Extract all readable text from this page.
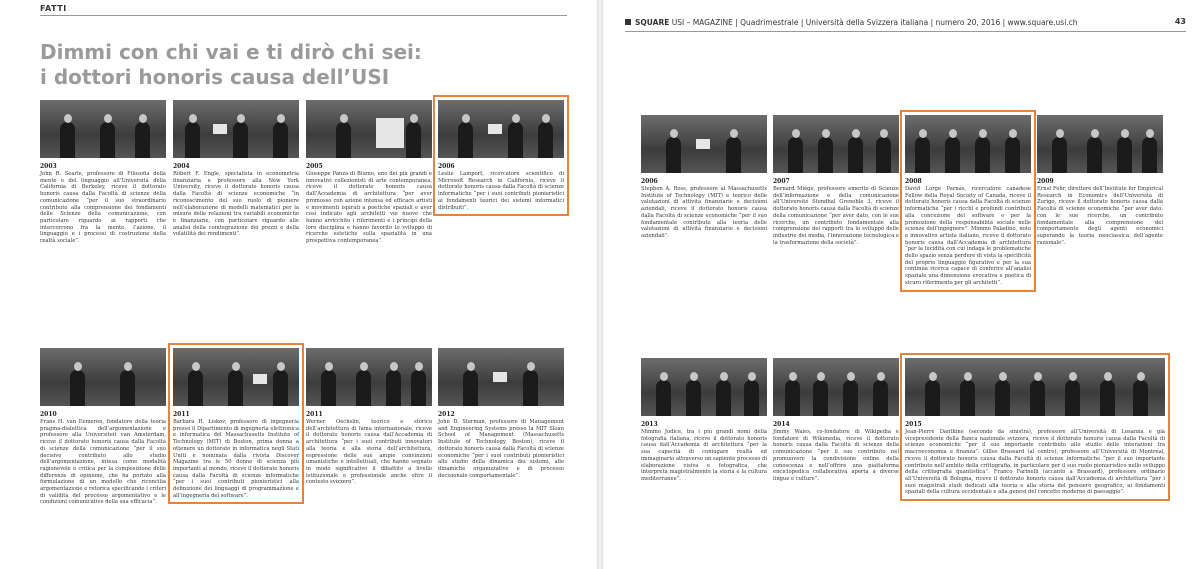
FATTI
Dimmi con chi vai e ti dirò chi sei:
i dottori honoris causa dell’USI
2003
John R. Searle, professore di Filosofia della mente e del linguaggio all’Università della California di Berkeley, riceve il dottorato honoris causa dalla Facoltà di scienze della comunicazione “per il suo straordinario contributo alla comprensione dei fondamenti delle Scienze della comunicazione, con particolare riguardo ai rapporti che intercorrono fra la mente, l’azione, il linguaggio e i processi di costruzione della realtà sociale”.
2004
Robert F. Engle, specialista in econometria finanziaria e professore alla New York University, riceve il dottorato honoris causa dalla Facoltà di scienze economiche “in riconoscimento del suo ruolo di pioniere nell’elaborazione di modelli matematici per la misura delle relazioni tra variabili economiche e finanziarie, con particolare riguardo alle analisi della cointegrazione dei prezzi e della volatilità dei rendimenti”.
2005
Giuseppe Panza di Biumo, uno dei più grandi e innovativi collezionisti di arte contemporanea, riceve il dottorato honoris causa dall’Accademia di architettura “per aver promosso con azione intensa ed efficace artisti e movimenti ispirati a poetiche spaziali e aver così indicato agli architetti vie nuove che hanno arricchito i riferimenti e i principi della loro disciplina e hanno favorito lo sviluppo di ricerche estetiche sulla spazialità in una prospettiva contemporanea”.
2006
Leslie Lamport, ricercatore scientifico di Microsoft Research in California, riceve il dottorato honoris causa dalla Facoltà di scienze informatiche “per i suoi contributi pionieristici ai fondamenti teorici dei sistemi informatici distribuiti”.
2010
Frans H. van Eemeren, fondatore della teoria pragma-dialettica dell’argomentazione e professore alla Universiteit van Amsterdam, riceve il dottorato honoris causa dalla Facoltà di scienze della comunicazione “per il suo decisivo contributo allo studio dell’argomentazione, intesa come modalità ragionevole e critica per la composizione delle differenze di opinione, che ha portato alla formulazione di un modello che riconcilia argomentazione e retorica specificando i criteri di validità del processo argomentativo e le condizioni comunicative della sua efficacia”.
2011
Barbara H. Liskov, professore di ingegneria presso il Dipartimento di ingegneria elettronica e informatica del Massachusetts Institute of Technology (MIT) di Boston, prima donna a ottenere un dottorato in informatica negli Stati Uniti e nominata dalla rivista Discover Magazine tra le 50 donne di scienza più importanti al mondo, riceve il dottorato honoris causa dalla Facoltà di scienze informatiche “per i suoi contributi pionieristici alla definizione dei linguaggi di programmazione e all’ingegneria del software”.
2011
Werner Oechslin, teorico e storico dell’architettura di fama internazionale, riceve il dottorato honoris causa dall’Accademia di architettura “per i suoi contributi innovatori alla teoria e alla storia dell’architettura, espressione delle sue ampie convinzioni umanistiche e intellettuali, che hanno segnato in modo significativo il dibattito a livello istituzionale e professionale anche oltre il contesto svizzero”.
2012
John D. Sterman, professore di Management and Engineering Systems presso la MIT Sloan School of Management (Massachusetts Institute of Technology, Boston), riceve il dottorato honoris causa dalla Facoltà di scienze economiche “per i suoi contributi pionieristici allo studio della dinamica dei sistemi, alle dinamiche organizzative e di processo decisionale comportamentale”.
SQUARE USI – MAGAZINE | Quadrimestrale | Università della Svizzera italiana | numero 20, 2016 | www.square.usi.ch	43
2006
Stephen A. Ross, professore al Massachusetts Institute of Technology (MIT) e teorico delle valutazioni di attività finanziarie e decisioni aziendali, riceve il dottorato honoris causa dalla Facoltà di scienze economiche “per il suo fondamentale contributo alla teoria delle valutazioni di attività finanziarie e decisioni aziendali”.
2007
Bernard Miège, professore emerito di Scienze dell’informazione e della comunicazione all’Université Stendhal Grenoble 3, riceve il dottorato honoris causa dalla Facoltà di scienze della comunicazione “per aver dato, con le sue ricerche, un contributo fondamentale alla comprensione dei rapporti tra lo sviluppo delle industrie dei media, l’innovazione tecnologica e la trasformazione della società”.
2008
David Lorge Parnas, ricercatore canadese Fellow della Royal Society of Canada, riceve il dottorato honoris causa dalla Facoltà di scienze informatiche “per i ricchi e profondi contributi alla concezione del software e per la promozione della responsabilità sociale nelle scienze dell’ingegnere”. Mimmo Paladino, noto e innovativo artista italiano, riceve il dottorato honoris causa dall’Accademia di architettura “per la lucidità con cui indaga le problematiche dello spazio senza perdere di vista la specificità del proprio linguaggio figurativo e per la sua continua ricerca capace di conferire all’analisi spaziale una dimensione evocativa e poetica di sicuro riferimento per gli architetti”.
2009
Ernst Fehr, direttore dell’Institute for Empirical Research in Economics dell’Università di Zurigo, riceve il dottorato honoris causa dalla Facoltà di scienze economiche “per aver dato, con le sue ricerche, un contributo fondamentale alla comprensione del comportamento degli agenti economici superando la teoria neoclassica dell’agente razionale”.
2013
Mimmo Jodice, tra i più grandi nomi della fotografia italiana, riceve il dottorato honoris causa dall’Accademia di architettura “per la sua capacità di coniugare realtà ed immaginario attraverso un sapiente processo di elaborazione visiva e fotografica, che interpreta magistralmente la storia e la cultura mediterranee”.
2014
Jimmy Wales, co-fondatore di Wikipedia e fondatore di Wikimedia, riceve il dottorato honoris causa dalla Facoltà di scienze della comunicazione “per il suo contributo nel promuovere la condivisione online della conoscenza e nell’offrire una piattaforma enciclopedica collaborativa aperta a diverse lingue e culture”.
2015
Jean-Pierre Danthine (secondo da sinistra), professore all’Università di Losanna e già vicepresidente della Banca nazionale svizzera, riceve il dottorato honoris causa dalla Facoltà di scienze economiche “per il suo importante contributo allo studio delle interazioni tra macroeconomia e finanza”. Gilles Brassard (al centro), professore all’Università di Montréal, riceve il dottorato honoris causa dalla Facoltà di scienze informatiche “per il suo importante contributo nell’ambito della crittografia, in particolare per il suo ruolo pionieristico nello sviluppo della crittografia quantistica”. Franco Farinelli (accanto a Brassard), professore ordinario all’Università di Bologna, riceve il dottorato honoris causa dall’Accademia di architettura “per i suoi magistrali studi dedicati alla teoria e alla storia del pensiero geografico, ai fondamenti spaziali della cultura occidentale e alla genesi del concetto moderno di paesaggio”.
